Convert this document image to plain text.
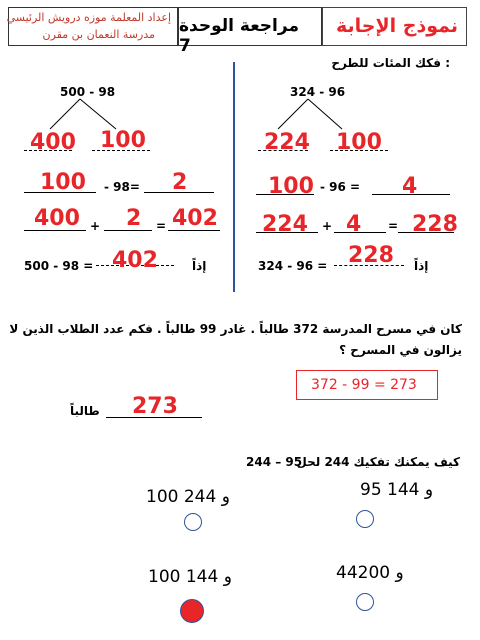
نموذج الإجابة
مراجعة الوحدة 7
إعداد المعلمة موزه درويش الرئيسي
مدرسة النعمان بن مقرن
فكك المئات للطرح :
324 - 96
224 100
100 - 96 = 4
224 + 4 = 228
324 - 96 = 228 إذاً
500 - 98
400 100
100 - 98= 2
400 + 2 = 402
500 - 98 = 402	إذاً
كان في مسرح المدرسة 372 طالباً . غادر 99 طالباً . فكم عدد الطلاب الذين لا
يزالون في المسرح ؟
372 - 99 = 273
273
طالباً
كيف يمكنك تفكيك 244 لحل
244 – 95
95 و 144
100 و 244
44و 200
100 و 144
